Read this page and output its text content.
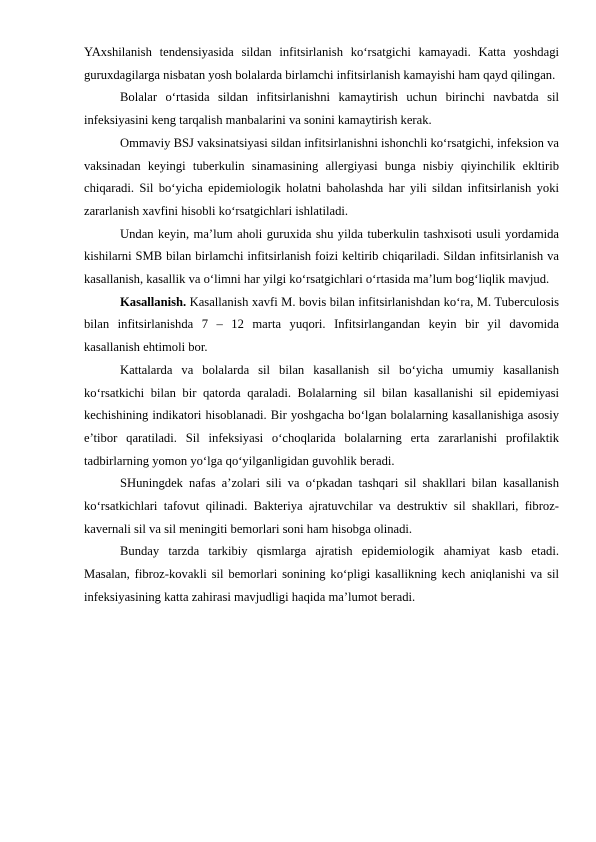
YAxshilanish tendensiyasida sildan infitsirlanish ko‘rsatgichi kamayadi. Katta yoshdagi guruxdagilarga nisbatan yosh bolalarda birlamchi infitsirlanish kamayishi ham qayd qilingan.

Bolalar o‘rtasida sildan infitsirlanishni kamaytirish uchun birinchi navbatda sil infeksiyasini keng tarqalish manbalarini va sonini kamaytirish kerak.

Ommaviy BSJ vaksinatsiyasi sildan infitsirlanishni ishonchli ko‘rsatgichi, infeksion va vaksinadan keyingi tuberkulin sinamasining allergiyasi bunga nisbiy qiyinchilik ekltirib chiqaradi. Sil bo‘yicha epidemiologik holatni baholashda har yili sildan infitsirlanish yoki zararlanish xavfini hisobli ko‘rsatgichlari ishlatiladi.

Undan keyin, ma’lum aholi guruxida shu yilda tuberkulin tashxisoti usuli yordamida kishilarni SMB bilan birlamchi infitsirlanish foizi keltirib chiqariladi. Sildan infitsirlanish va kasallanish, kasallik va o‘limni har yilgi ko‘rsatgichlari o‘rtasida ma’lum bog‘liqlik mavjud.

Kasallanish. Kasallanish xavfi M. bovis bilan infitsirlanishdan ko‘ra, M. Tuberculosis bilan infitsirlanishda 7 – 12 marta yuqori. Infitsirlangandan keyin bir yil davomida kasallanish ehtimoli bor.

Kattalarda va bolalarda sil bilan kasallanish sil bo‘yicha umumiy kasallanish ko‘rsatkichi bilan bir qatorda qaraladi. Bolalarning sil bilan kasallanishi sil epidemiyasi kechishining indikatori hisoblanadi. Bir yoshgacha bo‘lgan bolalarning kasallanishiga asosiy e’tibor qaratiladi. Sil infeksiyasi o‘choqlarida bolalarning erta zararlanishi profilaktik tadbirlarning yomon yo‘lga qo‘yilganligidan guvohlik beradi.

SHuningdek nafas a’zolari sili va o‘pkadan tashqari sil shakllari bilan kasallanish ko‘rsatkichlari tafovut qilinadi. Bakteriya ajratuvchilar va destruktiv sil shakllari, fibroz-kavernali sil va sil meningiti bemorlari soni ham hisobga olinadi.

Bunday tarzda tarkibiy qismlarga ajratish epidemiologik ahamiyat kasb etadi. Masalan, fibroz-kovakli sil bemorlari sonining ko‘pligi kasallikning kech aniqlanishi va sil infeksiyasining katta zahirasi mavjudligi haqida ma’lumot beradi.
